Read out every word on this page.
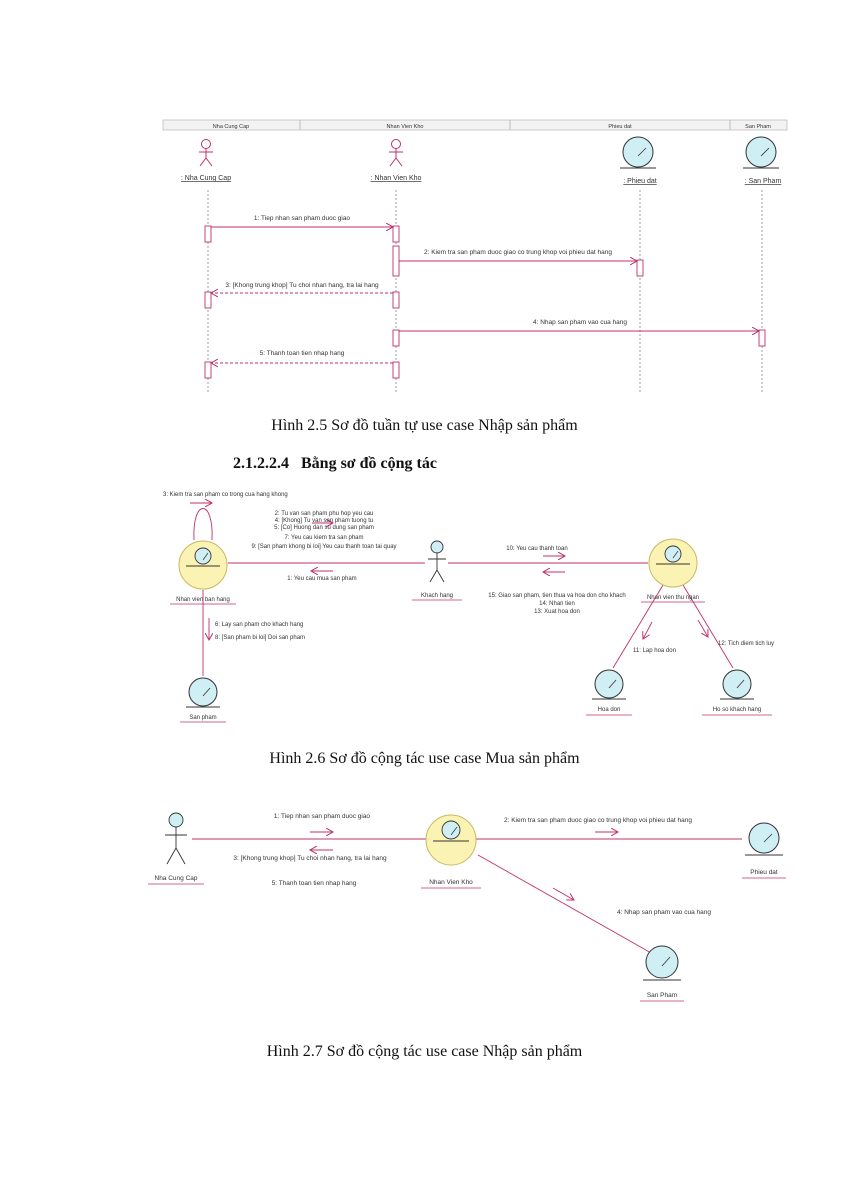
Nha Cung Cap	Nhan Vien Kho	Phieu dat	San Pham
: Nha Cung Cap	: Nhan Vien Kho	: Phieu dat	: San Pham
1: Tiep nhan san pham duoc giao
2: Kiem tra san pham duoc giao co trung khop voi phieu dat hang
3: [Khong trung khop] Tu choi nhan hang, tra lai hang
4: Nhap san pham vao cua hang
5: Thanh toan tien nhap hang
Nhan vien ban hang
Khach hang	Nhan vien thu ngan
San pham
Hoa don	Ho so khach hang
3: Kiem tra san pham co trong cua hang khong
2: Tu van san pham phu hop yeu cau
4: [Khong] Tu van san pham tuong tu
5: [Co] Huong dan su dung san pham
7: Yeu cau kiem tra san pham
9: [San pham khong bi loi] Yeu cau thanh toan tai quay
1: Yeu cau mua san pham
10: Yeu cau thanh toan
15: Giao san pham, tien thua va hoa don cho khach
14: Nhan tien
13: Xuat hoa don
6: Lay san pham cho khach hang
8: [San pham bi loi] Doi san pham
11: Lap hoa don
12: Tich diem tich luy
Nha Cung Cap
Nhan Vien Kho
Phieu dat
San Pham
1: Tiep nhan san pham duoc giao
3: [Khong trung khop] Tu choi nhan hang, tra lai hang
5: Thanh toan tien nhap hang
2: Kiem tra san pham duoc giao co trung khop voi phieu dat hang
4: Nhap san pham vao cua hang
Hình 2.5 Sơ đồ tuần tự use case Nhập sản phẩm
2.1.2.2.4 Bằng sơ đồ cộng tác
Hình 2.6 Sơ đồ cộng tác use case Mua sản phẩm
Hình 2.7 Sơ đồ cộng tác use case Nhập sản phẩm
